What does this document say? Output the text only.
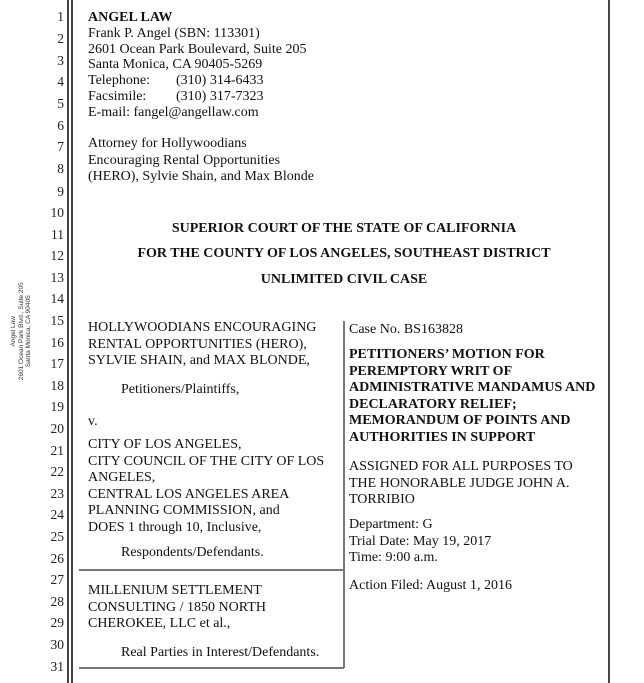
1
2
3
4
5
6
7
8
9
10
11
12
13
14
15
16
17
18
19
20
21
22
23
24
25
26
27
28
29
30
31
Angel Law 2601 Ocean Park Blvd., Suite 205 Santa Monica, CA 90405
ANGEL LAW
Frank P. Angel (SBN: 113301)
2601 Ocean Park Boulevard, Suite 205
Santa Monica, CA 90405-5269
Telephone: (310) 314-6433
Facsimile: (310) 317-7323
E-mail: fangel@angellaw.com
Attorney for Hollywoodians
Encouraging Rental Opportunities
(HERO), Sylvie Shain, and Max Blonde
SUPERIOR COURT OF THE STATE OF CALIFORNIA
FOR THE COUNTY OF LOS ANGELES, SOUTHEAST DISTRICT
UNLIMITED CIVIL CASE
HOLLYWOODIANS ENCOURAGING
RENTAL OPPORTUNITIES (HERO),
SYLVIE SHAIN, and MAX BLONDE,
Petitioners/Plaintiffs,
v.
CITY OF LOS ANGELES,
CITY COUNCIL OF THE CITY OF LOS
ANGELES,
CENTRAL LOS ANGELES AREA
PLANNING COMMISSION, and
DOES 1 through 10, Inclusive,
Respondents/Defendants.
MILLENIUM SETTLEMENT
CONSULTING / 1850 NORTH
CHEROKEE, LLC et al.,
Real Parties in Interest/Defendants.
Case No. BS163828
PETITIONERS’ MOTION FOR
PEREMPTORY WRIT OF
ADMINISTRATIVE MANDAMUS AND
DECLARATORY RELIEF;
MEMORANDUM OF POINTS AND
AUTHORITIES IN SUPPORT
ASSIGNED FOR ALL PURPOSES TO
THE HONORABLE JUDGE JOHN A.
TORRIBIO
Department: G
Trial Date: May 19, 2017
Time: 9:00 a.m.
Action Filed: August 1, 2016
